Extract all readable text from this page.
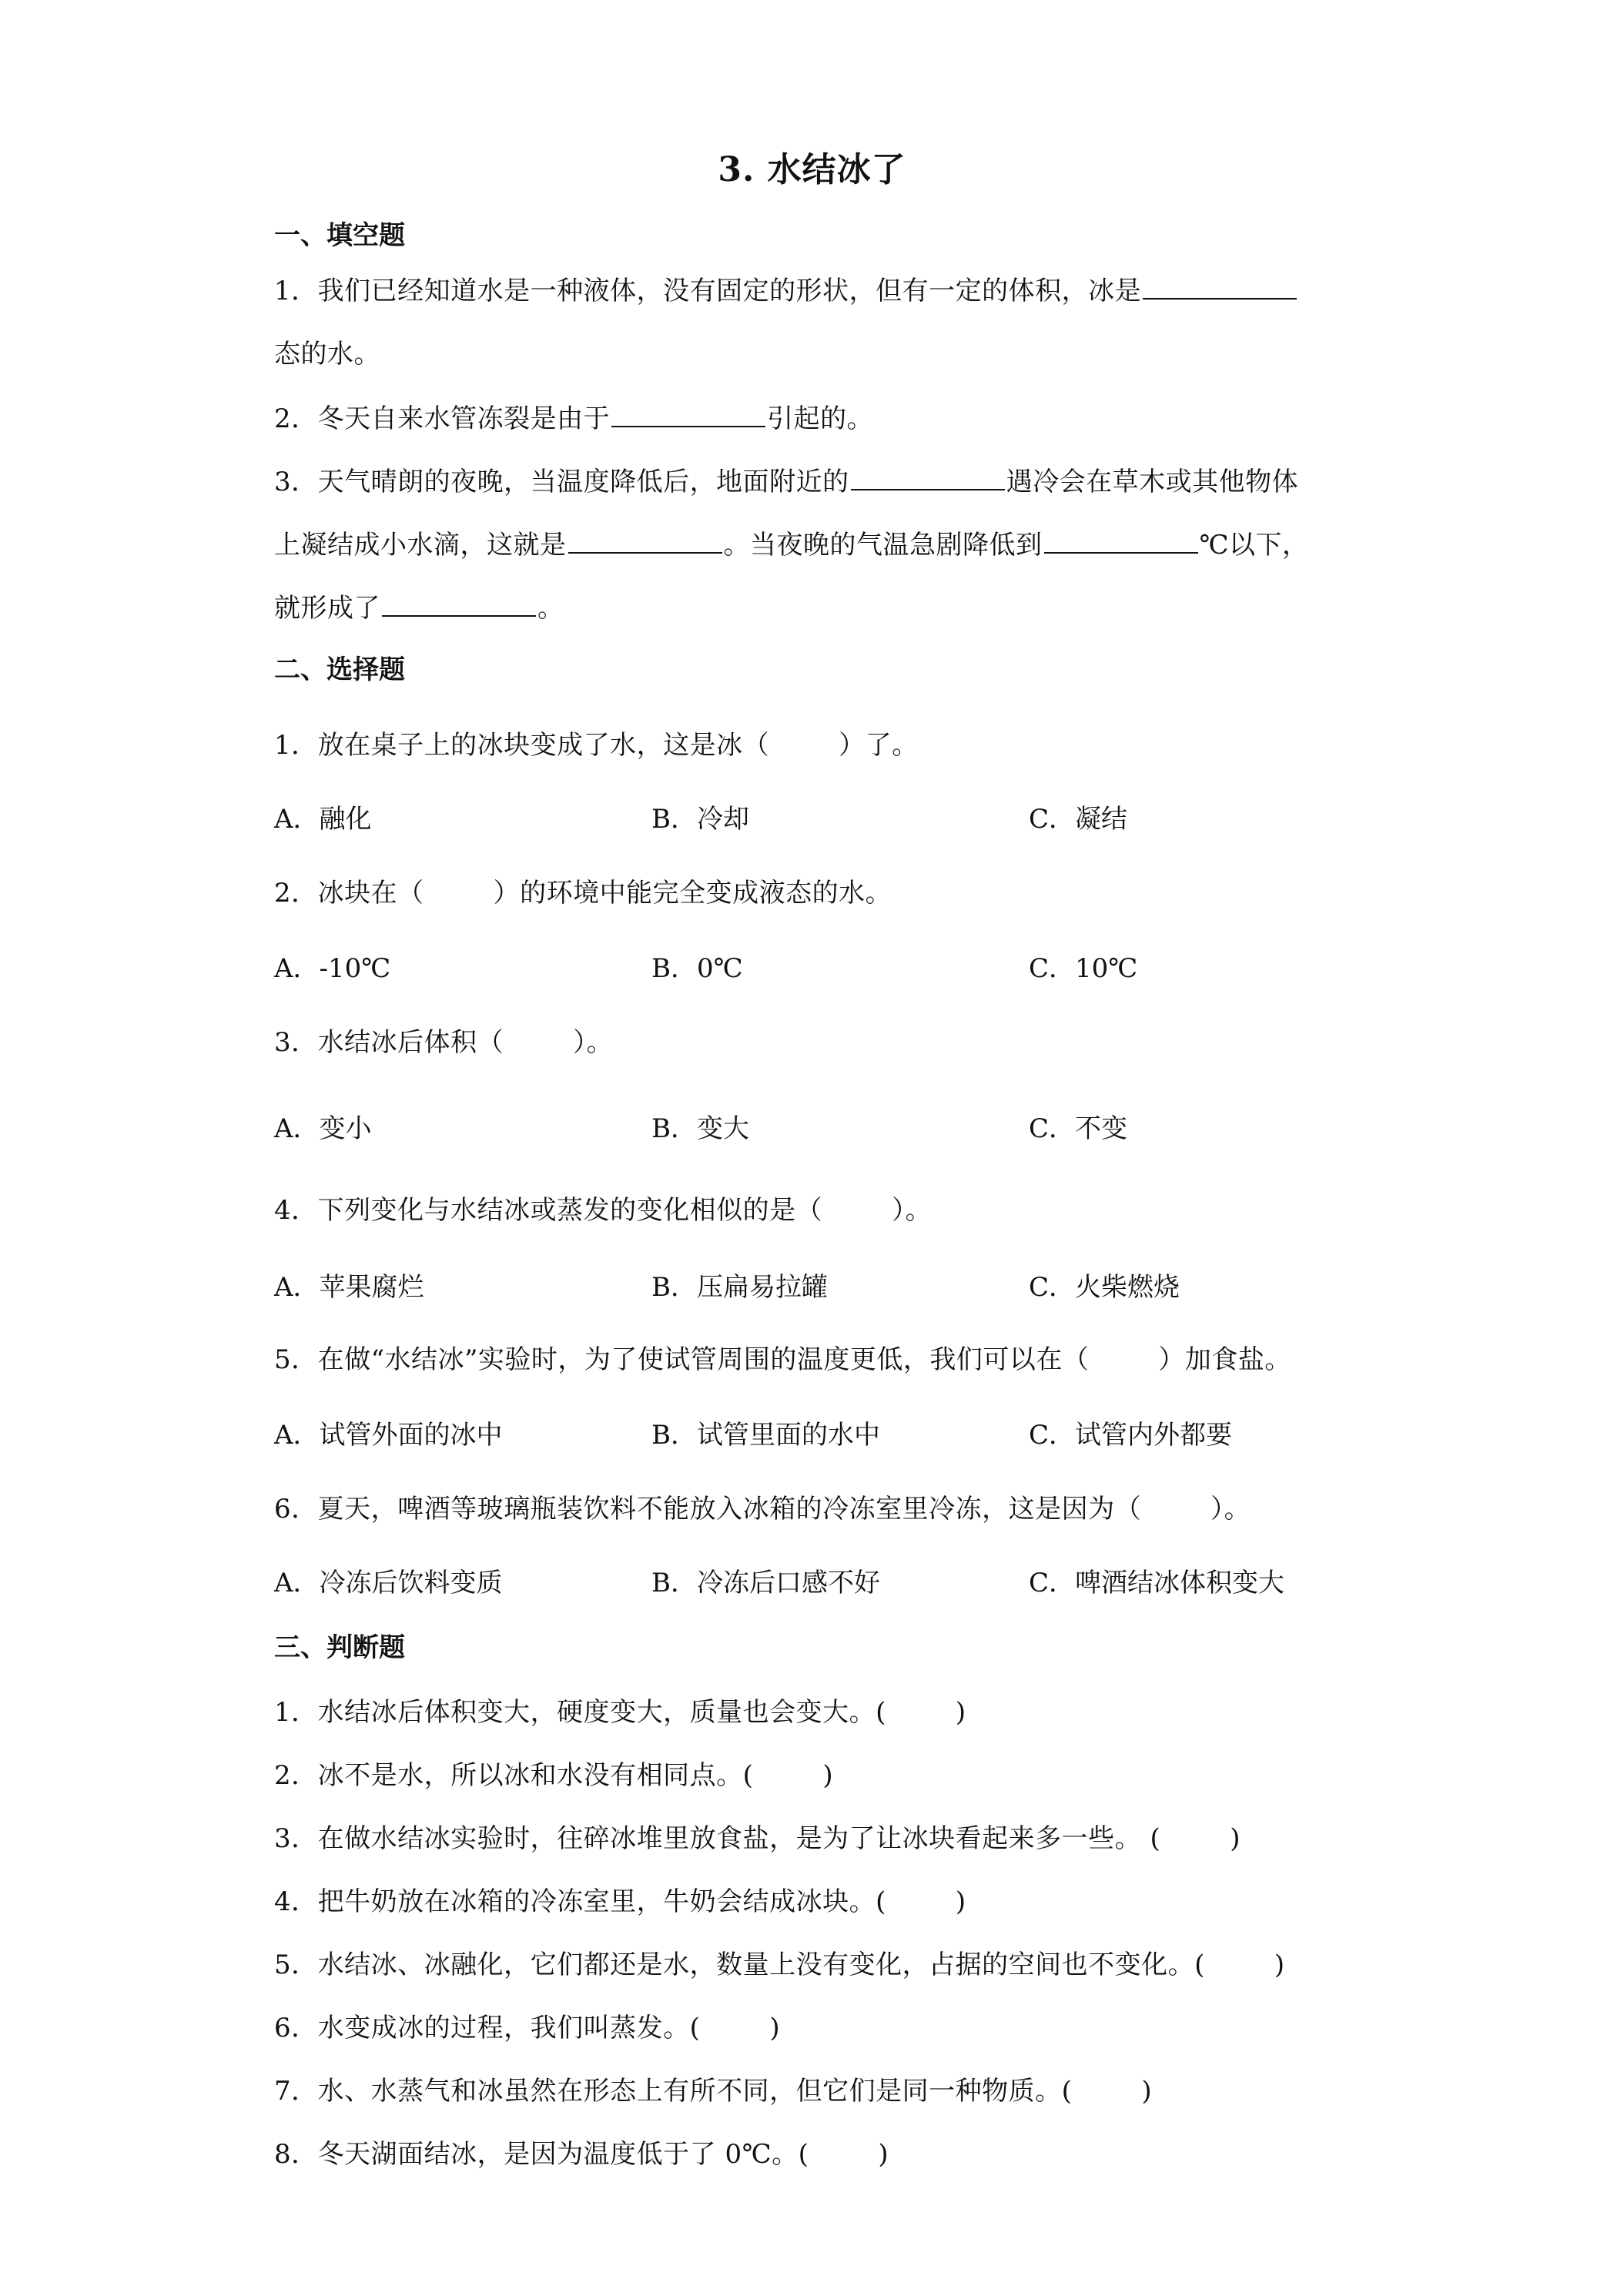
3. 水结冰了
一、填空题
1．我们已经知道水是一种液体，没有固定的形状，但有一定的体积，冰是
态的水。
2．冬天自来水管冻裂是由于	引起的。
3．天气晴朗的夜晚，当温度降低后，地面附近的	遇冷会在草木或其他物体
上凝结成小水滴，这就是	。当夜晚的气温急剧降低到	℃以下，
就形成了	。
二、选择题
1．放在桌子上的冰块变成了水，这是冰（	）了。
A．融化	B．冷却	C．凝结
2．冰块在（	）的环境中能完全变成液态的水。
A．-10℃	B．0℃	C．10℃
3．水结冰后体积（	）。
A．变小	B．变大	C．不变
4．下列变化与水结冰或蒸发的变化相似的是（	）。
A．苹果腐烂	B．压扁易拉罐	C．火柴燃烧
5．在做“水结冰”实验时，为了使试管周围的温度更低，我们可以在（	）加食盐。
A．试管外面的冰中	B．试管里面的水中	C．试管内外都要
6．夏天，啤酒等玻璃瓶装饮料不能放入冰箱的冷冻室里冷冻，这是因为（	）。
A．冷冻后饮料变质	B．冷冻后口感不好	C．啤酒结冰体积变大
三、判断题
1．水结冰后体积变大，硬度变大，质量也会变大。(	)
2．冰不是水，所以冰和水没有相同点。(	)
3．在做水结冰实验时，往碎冰堆里放食盐，是为了让冰块看起来多一些。 (	)
4．把牛奶放在冰箱的冷冻室里，牛奶会结成冰块。(	)
5．水结冰、冰融化，它们都还是水，数量上没有变化，占据的空间也不变化。(	)
6．水变成冰的过程，我们叫蒸发。(	)
7．水、水蒸气和冰虽然在形态上有所不同，但它们是同一种物质。(	)
8．冬天湖面结冰，是因为温度低于了 0℃。(	)
